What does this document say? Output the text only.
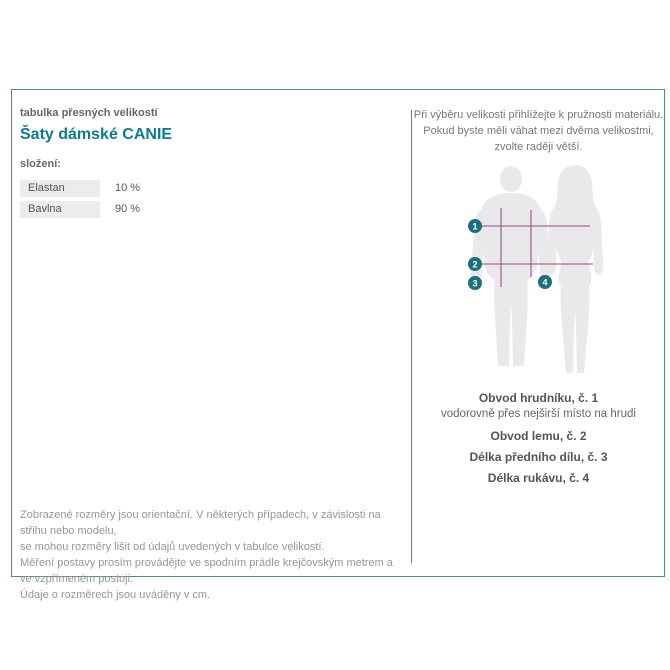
tabulka přesných velikostí
Šaty dámské CANIE
složení:
Elastan	10 %
Bavlna	90 %
Zobrazené rozměry jsou orientační. V některých případech, v závislosti na střihu nebo modelu,
se mohou rozměry lišit od údajů uvedených v tabulce velikostí.
Měření postavy prosím provádějte ve spodním prádle krejčovským metrem a ve vzpřímeném postoji.
Údaje o rozměrech jsou uváděny v cm.
Při výběru velikosti přihlížejte k pružnosti materiálu.
Pokud byste měli váhat mezi dvěma velikostmi,
zvolte raději větší.
1
2
3	4
Obvod hrudníku, č. 1
vodorovně přes nejširší místo na hrudi
Obvod lemu, č. 2
Délka předního dílu, č. 3
Délka rukávu, č. 4
